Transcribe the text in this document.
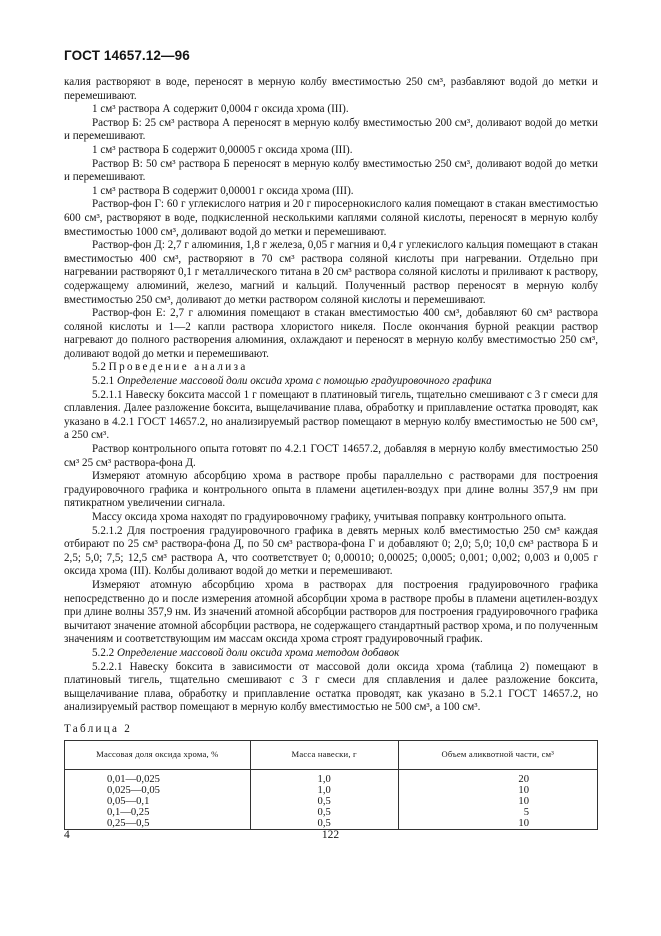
ГОСТ 14657.12—96

калия растворяют в воде, переносят в мерную колбу вместимостью 250 см³, разбавляют водой до метки и перемешивают.

1 см³ раствора А содержит 0,0004 г оксида хрома (III).

Раствор Б: 25 см³ раствора А переносят в мерную колбу вместимостью 200 см³, доливают водой до метки и перемешивают.

1 см³ раствора Б содержит 0,00005 г оксида хрома (III).

Раствор В: 50 см³ раствора Б переносят в мерную колбу вместимостью 250 см³, доливают водой до метки и перемешивают.

1 см³ раствора В содержит 0,00001 г оксида хрома (III).

Раствор-фон Г: 60 г углекислого натрия и 20 г пиросернокислого калия помещают в стакан вместимостью 600 см³, растворяют в воде, подкисленной несколькими каплями соляной кислоты, переносят в мерную колбу вместимостью 1000 см³, доливают водой до метки и перемешивают.

Раствор-фон Д: 2,7 г алюминия, 1,8 г железа, 0,05 г магния и 0,4 г углекислого кальция помещают в стакан вместимостью 400 см³, растворяют в 70 см³ раствора соляной кислоты при нагревании. Отдельно при нагревании растворяют 0,1 г металлического титана в 20 см³ раствора соляной кислоты и приливают к раствору, содержащему алюминий, железо, магний и кальций. Полученный раствор переносят в мерную колбу вместимостью 250 см³, доливают до метки раствором соляной кислоты и перемешивают.

Раствор-фон Е: 2,7 г алюминия помещают в стакан вместимостью 400 см³, добавляют 60 см³ раствора соляной кислоты и 1—2 капли раствора хлористого никеля. После окончания бурной реакции раствор нагревают до полного растворения алюминия, охлаждают и переносят в мерную колбу вместимостью 250 см³, доливают водой до метки и перемешивают.

5.2 Проведение анализа

5.2.1 Определение массовой доли оксида хрома с помощью градуировочного графика

5.2.1.1 Навеску боксита массой 1 г помещают в платиновый тигель, тщательно смешивают с 3 г смеси для сплавления. Далее разложение боксита, выщелачивание плава, обработку и приплавление остатка проводят, как указано в 4.2.1 ГОСТ 14657.2, но анализируемый раствор помещают в мерную колбу вместимостью не 500 см³, а 250 см³.

Раствор контрольного опыта готовят по 4.2.1 ГОСТ 14657.2, добавляя в мерную колбу вместимостью 250 см³ 25 см³ раствора-фона Д.

Измеряют атомную абсорбцию хрома в растворе пробы параллельно с растворами для построения градуировочного графика и контрольного опыта в пламени ацетилен-воздух при длине волны 357,9 нм при пятикратном увеличении сигнала.

Массу оксида хрома находят по градуировочному графику, учитывая поправку контрольного опыта.

5.2.1.2 Для построения градуировочного графика в девять мерных колб вместимостью 250 см³ каждая отбирают по 25 см³ раствора-фона Д, по 50 см³ раствора-фона Г и добавляют 0; 2,0; 5,0; 10,0 см³ раствора Б и 2,5; 5,0; 7,5; 12,5 см³ раствора А, что соответствует 0; 0,00010; 0,00025; 0,0005; 0,001; 0,002; 0,003 и 0,005 г оксида хрома (III). Колбы доливают водой до метки и перемешивают.

Измеряют атомную абсорбцию хрома в растворах для построения градуировочного графика непосредственно до и после измерения атомной абсорбции хрома в растворе пробы в пламени ацетилен-воздух при длине волны 357,9 нм. Из значений атомной абсорбции растворов для построения градуировочного графика вычитают значение атомной абсорбции раствора, не содержащего стандартный раствор хрома, и по полученным значениям и соответствующим им массам оксида хрома строят градуировочный график.

5.2.2 Определение массовой доли оксида хрома методом добавок

5.2.2.1 Навеску боксита в зависимости от массовой доли оксида хрома (таблица 2) помещают в платиновый тигель, тщательно смешивают с 3 г смеси для сплавления и далее разложение боксита, выщелачивание плава, обработку и приплавление остатка проводят, как указано в 5.2.1 ГОСТ 14657.2, но анализируемый раствор помещают в мерную колбу вместимостью не 500 см³, а 100 см³.

Таблица 2
Массовая доля оксида хрома, %	Масса навески, г	Объем аликвотной части, см³
0,01—0,025	1,0	20
0,025—0,05	1,0	10
0,05—0,1	0,5	10
0,1—0,25	0,5	5
0,25—0,5	0,5	10
4	122
